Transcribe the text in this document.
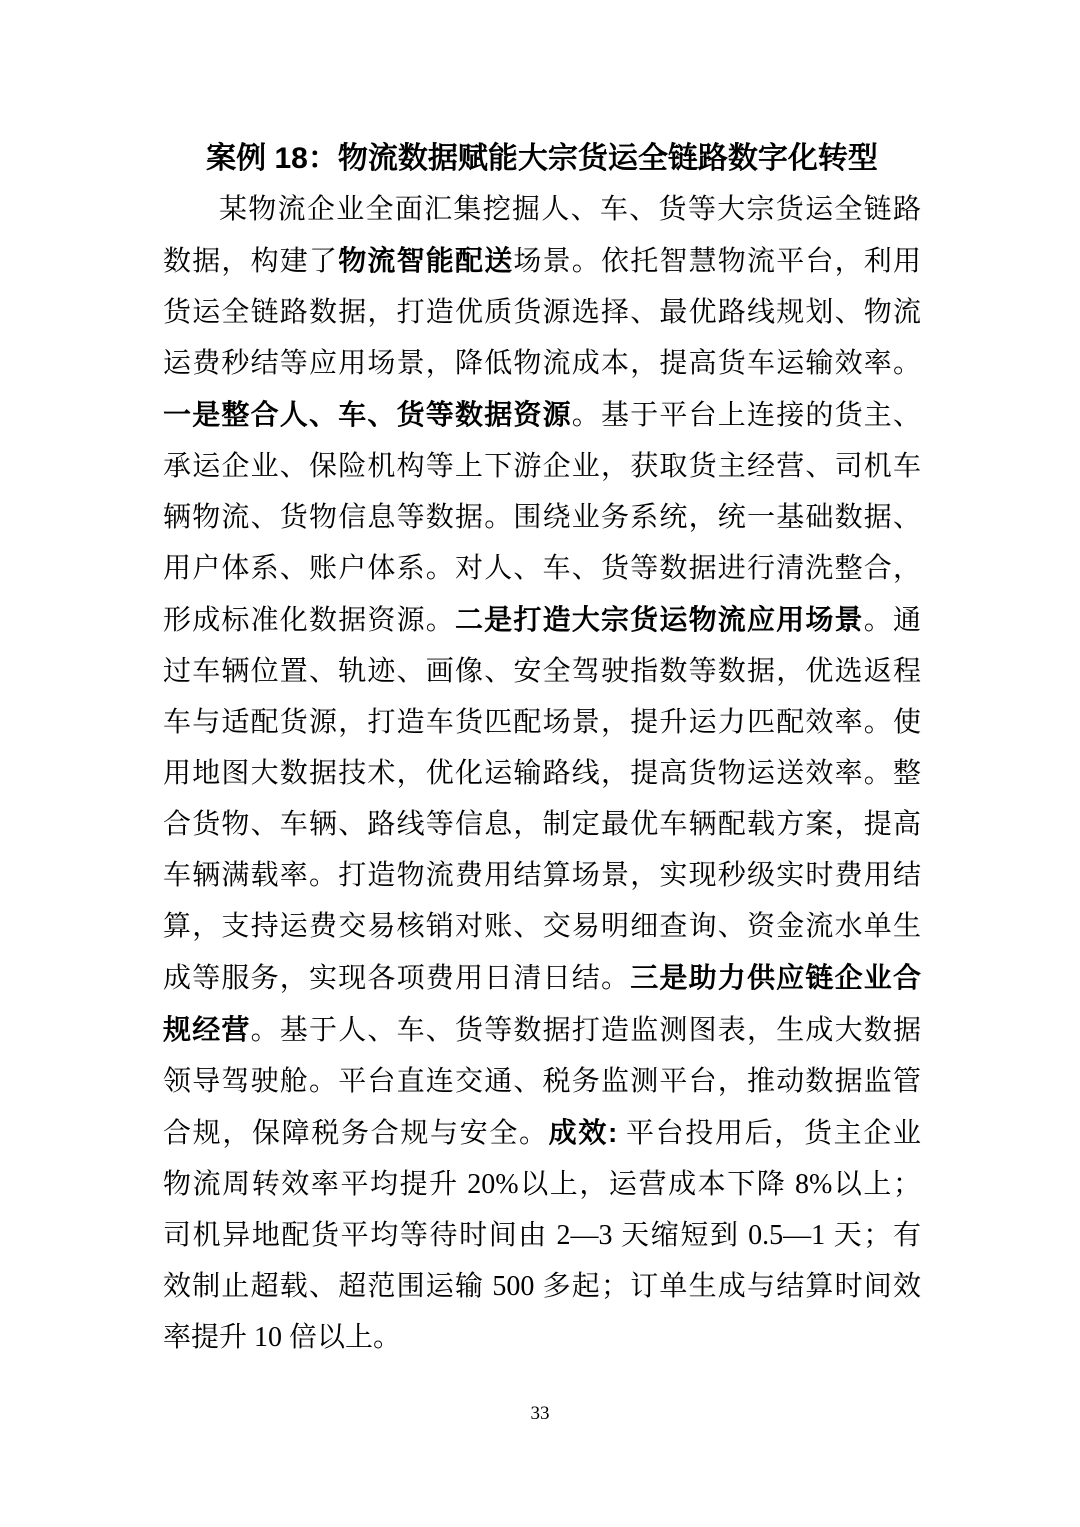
案例 18：物流数据赋能大宗货运全链路数字化转型
某物流企业全面汇集挖掘人、车、货等大宗货运全链路
数据，构建了物流智能配送场景。依托智慧物流平台，利用
货运全链路数据，打造优质货源选择、最优路线规划、物流
运费秒结等应用场景，降低物流成本，提高货车运输效率。
一是整合人、车、货等数据资源。基于平台上连接的货主、
承运企业、保险机构等上下游企业，获取货主经营、司机车
辆物流、货物信息等数据。围绕业务系统，统一基础数据、
用户体系、账户体系。对人、车、货等数据进行清洗整合，
形成标准化数据资源。二是打造大宗货运物流应用场景。通
过车辆位置、轨迹、画像、安全驾驶指数等数据，优选返程
车与适配货源，打造车货匹配场景，提升运力匹配效率。使
用地图大数据技术，优化运输路线，提高货物运送效率。整
合货物、车辆、路线等信息，制定最优车辆配载方案，提高
车辆满载率。打造物流费用结算场景，实现秒级实时费用结
算，支持运费交易核销对账、交易明细查询、资金流水单生
成等服务，实现各项费用日清日结。三是助力供应链企业合
规经营。基于人、车、货等数据打造监测图表，生成大数据
领导驾驶舱。平台直连交通、税务监测平台，推动数据监管
合规，保障税务合规与安全。成效: 平台投用后，货主企业
物流周转效率平均提升 20%以上，运营成本下降 8%以上；
司机异地配货平均等待时间由 2—3 天缩短到 0.5—1 天；有
效制止超载、超范围运输 500 多起；订单生成与结算时间效
率提升 10 倍以上。
33
